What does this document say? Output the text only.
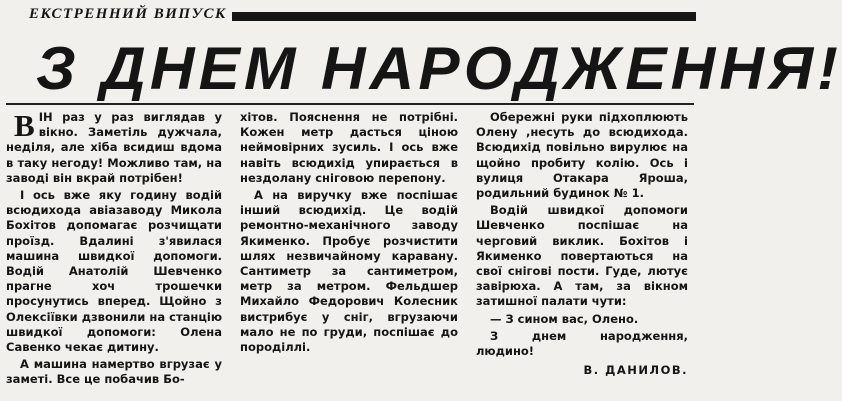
ЕКСТРЕННИЙ ВИПУСК
З ДНЕМ НАРОДЖЕННЯ!

ВІН раз у раз виглядав у вікно. Заметіль дужчала, неділя, але хіба всидиш вдома в таку негоду! Можливо там, на заводі він вкрай потрібен!

І ось вже яку годину водій всюдихода авіазаводу Микола Бохітов допомагає розчищати проїзд. Вдалині з'явилася машина швидкої допомоги. Водій Анатолій Шевченко прагне хоч трошечки просунутись вперед. Щойно з Олексіївки дзвонили на станцію швидкої допомоги: Олена Савенко чекає дитину.

А машина намертво вгрузає у заметі. Все це побачив Бо-

хітов. Пояснення не потрібні. Кожен метр дасться ціною неймовірних зусиль. І ось вже навіть всюдихід упирається в нездолану сніговою перепону.

А на виручку вже поспішає інший всюдихід. Це водій ремонтно-механічного заводу Якименко. Пробує розчистити шлях незвичайному каравану. Сантиметр за сантиметром, метр за метром. Фельдшер Михайло Федорович Колесник вистрибує у сніг, вгрузаючи мало не по груди, поспішає до породіллі.

Обережні руки підхоплюють Олену ,несуть до всюдихода. Всюдихід повільно вирулює на щойно пробиту колію. Ось і вулиця Отакара Яроша, родильний будинок № 1.

Водій швидкої допомоги Шевченко поспішає на черговий виклик. Бохітов і Якименко повертаються на свої снігові пости. Гуде, лютує завірюха. А там, за вікном затишної палати чути:

— З сином вас, Олено.

З днем народження, людино!

В. ДАНИЛОВ.
